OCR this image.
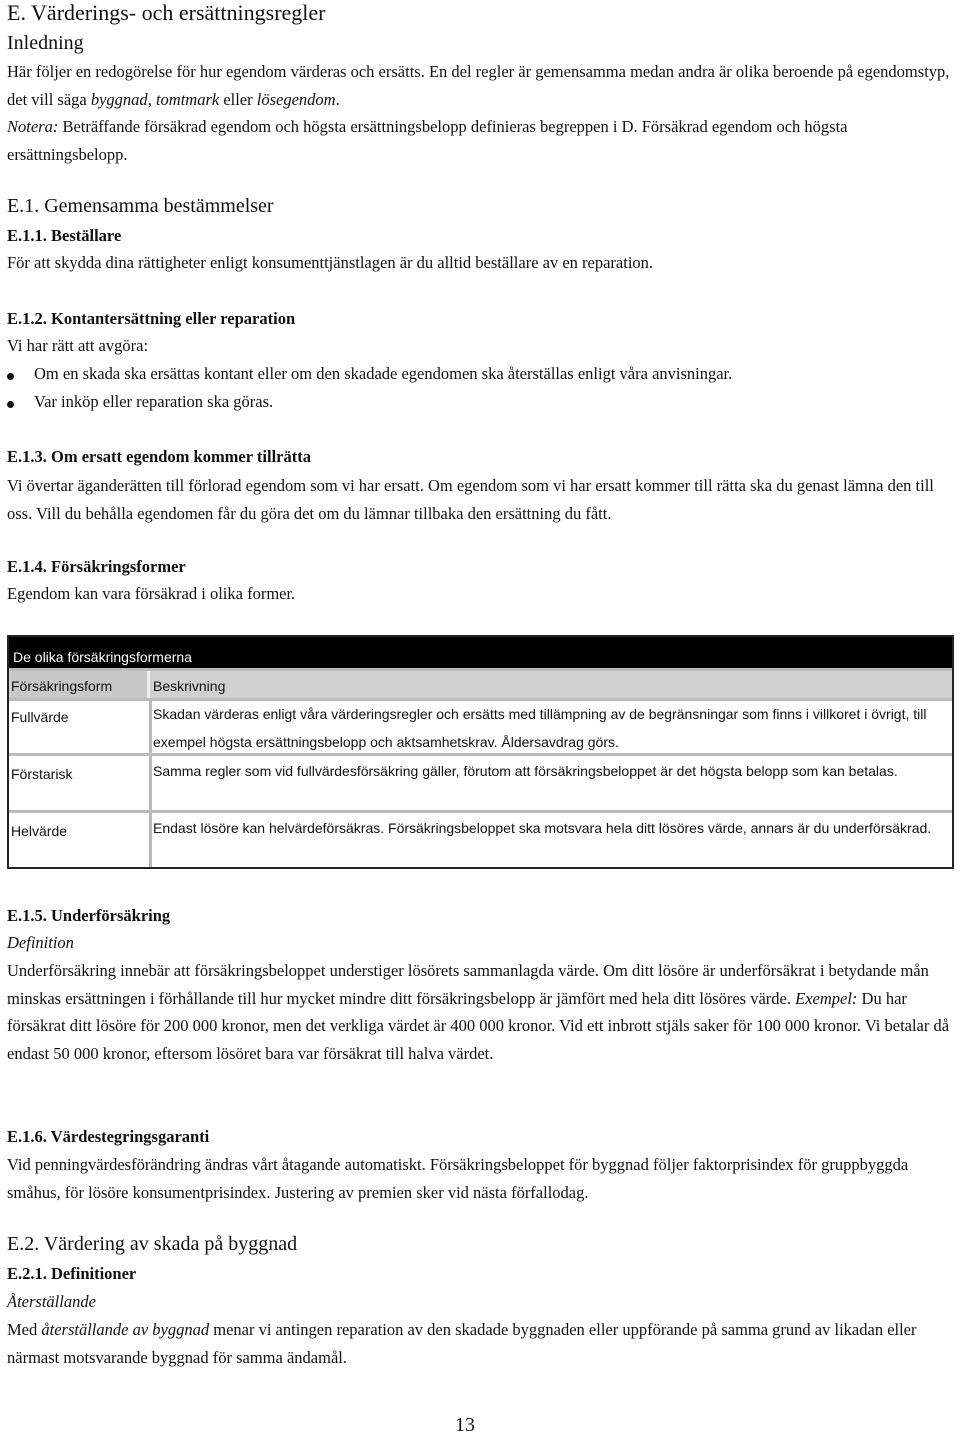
E. Värderings- och ersättningsregler
Inledning
Här följer en redogörelse för hur egendom värderas och ersätts. En del regler är gemensamma medan andra är olika beroende på egendomstyp, det vill säga byggnad, tomtmark eller lösegendom.
Notera: Beträffande försäkrad egendom och högsta ersättningsbelopp definieras begreppen i D. Försäkrad egendom och högsta ersättningsbelopp.
E.1. Gemensamma bestämmelser
E.1.1. Beställare
För att skydda dina rättigheter enligt konsumenttjänstlagen är du alltid beställare av en reparation.
E.1.2. Kontantersättning eller reparation
Vi har rätt att avgöra:
Om en skada ska ersättas kontant eller om den skadade egendomen ska återställas enligt våra anvisningar.
Var inköp eller reparation ska göras.
E.1.3. Om ersatt egendom kommer tillrätta
Vi övertar äganderätten till förlorad egendom som vi har ersatt. Om egendom som vi har ersatt kommer till rätta ska du genast lämna den till oss. Vill du behålla egendomen får du göra det om du lämnar tillbaka den ersättning du fått.
E.1.4. Försäkringsformer
Egendom kan vara försäkrad i olika former.
De olika försäkringsformerna
Försäkringsform	Beskrivning
Fullvärde	Skadan värderas enligt våra värderingsregler och ersätts med tillämpning av de begränsningar som finns i villkoret i övrigt, till exempel högsta ersättningsbelopp och aktsamhetskrav. Åldersavdrag görs.
Förstarisk	Samma regler som vid fullvärdesförsäkring gäller, förutom att försäkringsbeloppet är det högsta belopp som kan betalas.
Helvärde	Endast lösöre kan helvärdeförsäkras. Försäkringsbeloppet ska motsvara hela ditt lösöres värde, annars är du underförsäkrad.
E.1.5. Underförsäkring
Definition
Underförsäkring innebär att försäkringsbeloppet understiger lösörets sammanlagda värde. Om ditt lösöre är underförsäkrat i betydande mån minskas ersättningen i förhållande till hur mycket mindre ditt försäkringsbelopp är jämfört med hela ditt lösöres värde. Exempel: Du har försäkrat ditt lösöre för 200 000 kronor, men det verkliga värdet är 400 000 kronor. Vid ett inbrott stjäls saker för 100 000 kronor. Vi betalar då endast 50 000 kronor, eftersom lösöret bara var försäkrat till halva värdet.
E.1.6. Värdestegringsgaranti
Vid penningvärdesförändring ändras vårt åtagande automatiskt. Försäkringsbeloppet för byggnad följer faktorprisindex för gruppbyggda småhus, för lösöre konsumentprisindex. Justering av premien sker vid nästa förfallodag.
E.2. Värdering av skada på byggnad
E.2.1. Definitioner
Återställande
Med återställande av byggnad menar vi antingen reparation av den skadade byggnaden eller uppförande på samma grund av likadan eller närmast motsvarande byggnad för samma ändamål.
13
